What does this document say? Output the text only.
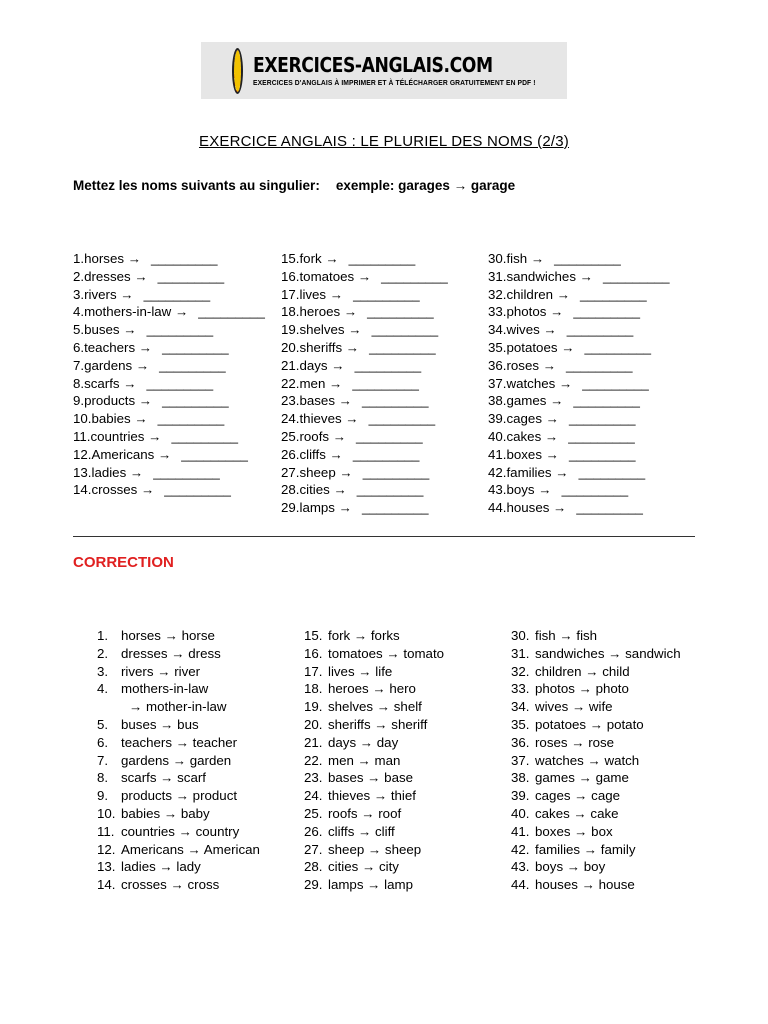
EXERCICES-ANGLAIS.COM
EXERCICES D'ANGLAIS À IMPRIMER ET À TÉLÉCHARGER GRATUITEMENT EN PDF !
EXERCICE ANGLAIS : LE PLURIEL DES NOMS (2/3)
Mettez les noms suivants au singulier: exemple: garages → garage
1.horses → _________
2.dresses → _________
3.rivers → _________
4.mothers-in-law → _________
5.buses → _________
6.teachers → _________
7.gardens → _________
8.scarfs → _________
9.products → _________
10.babies → _________
11.countries → _________
12.Americans → _________
13.ladies → _________
14.crosses → _________
15.fork → _________
16.tomatoes → _________
17.lives → _________
18.heroes → _________
19.shelves → _________
20.sheriffs → _________
21.days → _________
22.men → _________
23.bases → _________
24.thieves → _________
25.roofs → _________
26.cliffs → _________
27.sheep → _________
28.cities → _________
29.lamps → _________
30.fish → _________
31.sandwiches → _________
32.children → _________
33.photos → _________
34.wives → _________
35.potatoes → _________
36.roses → _________
37.watches → _________
38.games → _________
39.cages → _________
40.cakes → _________
41.boxes → _________
42.families → _________
43.boys → _________
44.houses → _________
CORRECTION
1. horses → horse
2. dresses → dress
3. rivers → river
4. mothers-in-law
→ mother-in-law
5. buses → bus
6. teachers → teacher
7. gardens → garden
8. scarfs → scarf
9. products → product
10. babies → baby
11. countries → country
12. Americans → American
13. ladies → lady
14. crosses → cross
15. fork → forks
16. tomatoes → tomato
17. lives → life
18. heroes → hero
19. shelves → shelf
20. sheriffs → sheriff
21. days → day
22. men → man
23. bases → base
24. thieves → thief
25. roofs → roof
26. cliffs → cliff
27. sheep → sheep
28. cities → city
29. lamps → lamp
30. fish → fish
31. sandwiches → sandwich
32. children → child
33. photos → photo
34. wives → wife
35. potatoes → potato
36. roses → rose
37. watches → watch
38. games → game
39. cages → cage
40. cakes → cake
41. boxes → box
42. families → family
43. boys → boy
44. houses → house
